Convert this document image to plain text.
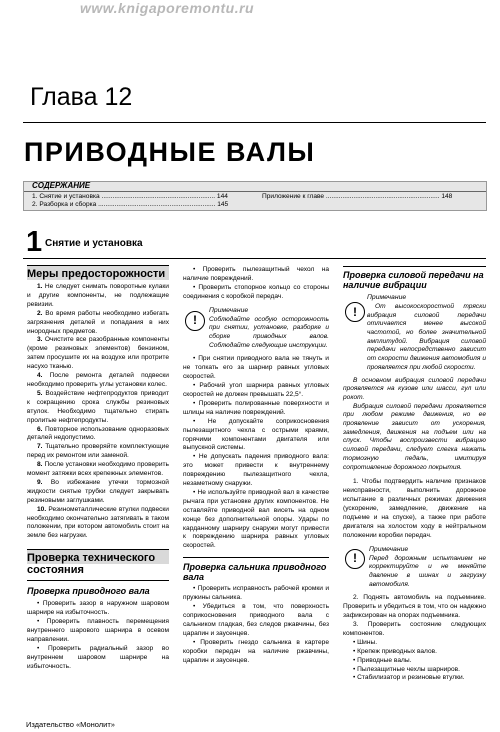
www.knigaporemontu.ru
Глава 12
ПРИВОДНЫЕ ВАЛЫ
СОДЕРЖАНИЕ
1. Снятие и установка .............................................................. 144
2. Разборка и сборка ................................................................ 145
Приложение к главе .............................................................. 148
1 Снятие и установка
Меры предосторожности

1. Не следует снимать поворотные кулаки и другие компоненты, не подлежащие ревизии.

2. Во время работы необходимо избегать загрязнения деталей и попадания в них инородных предметов.

3. Очистите все разобранные компоненты (кроме резиновых элементов) бензином, затем просушите их на воздухе или протрите насухо тканью.

4. После ремонта деталей подвески необходимо проверить углы установки колес.

5. Воздействие нефтепродуктов приводит к сокращению срока службы резиновых втулок. Необходимо тщательно стирать пролитые нефтепродукты.

6. Повторное использование одноразовых деталей недопустимо.

7. Тщательно проверяйте комплектующие перед их ремонтом или заменой.

8. После установки необходимо проверить момент затяжки всех крепежных элементов.

9. Во избежание утечки тормозной жидкости снятые трубки следует закрывать резиновыми заглушками.

10. Резинометаллические втулки подвески необходимо окончательно затягивать в таком положении, при котором автомобиль стоит на земле без нагрузки.

Проверка технического состояния
Проверка приводного вала

• Проверить зазор в наружном шаровом шарнире на избыточность.

• Проверить плавность перемещения внутреннего шарового шарнира в осевом направлении.

• Проверить радиальный зазор во внутреннем шаровом шарнире на избыточность.

• Проверить пылезащитный чехол на наличие повреждений.

• Проверить стопорное кольцо со стороны соединения с коробкой передач.

!
Примечание
Соблюдайте особую осторожность при снятии, установке, разборке и сборке приводных валов. Соблюдайте следующие инструкции.

• При снятии приводного вала не тянуть и не толкать его за шарнир равных угловых скоростей.

• Рабочий угол шарнира равных угловых скоростей не должен превышать 22,5°.

• Проверить полированные поверхности и шлицы на наличие повреждений.

• Не допускайте соприкосновения пылезащитного чехла с острыми краями, горячими компонентами двигателя или выпускной системы.

• Не допускать падения приводного вала: это может привести к внутреннему повреждению пылезащитного чехла, незаметному снаружи.

• Не используйте приводной вал в качестве рычага при установке других компонентов. Не оставляйте приводной вал висеть на одном конце без дополнительной опоры. Удары по карданному шарниру снаружи могут привести к повреждению шарнира равных угловых скоростей.

Проверка сальника приводного вала

• Проверить исправность рабочей кромки и пружины сальника.

• Убедиться в том, что поверхность соприкосновения приводного вала с сальником гладкая, без следов ржавчины, без царапин и заусенцев.

• Проверить гнездо сальника в картере коробки передач на наличие ржавчины, царапин и заусенцев.

Проверка силовой передачи на наличие вибрации
!
Примечание
От высокоскоростной тряски вибрация силовой передачи отличается менее высокой частотой, но более значительной амплитудой. Вибрация силовой передачи непосредственно зависит от скорости движения автомобиля и проявляется при любой скорости.
В основном вибрация силовой передачи проявляется на кузове или шасси, гул или рокот.
Вибрация силовой передачи проявляется при любом режиме движения, но ее проявление зависит от ускорения, замедления, движения на подъем или на спуск. Чтобы воспроизвести вибрацию силовой передачи, следует слегка нажать тормозную педаль, имитируя сопротивление дорожного покрытия.

1. Чтобы подтвердить наличие признаков неисправности, выполнить дорожное испытание в различных режимах движения (ускорение, замедление, движение на подъеме и на спуске), а также при работе двигателя на холостом ходу в нейтральном положении коробки передач.

!
Примечание
Перед дорожным испытанием не корректируйте и не меняйте давление в шинах и загрузку автомобиля.

2. Поднять автомобиль на подъемнике. Проверить и убедиться в том, что он надежно зафиксирован на опорах подъемника.

3. Проверить состояние следующих компонентов.

• Шины.

• Крепеж приводных валов.

• Приводные валы.

• Пылезащитные чехлы шарниров.

• Стабилизатор и резиновые втулки.

Издательство «Монолит»
